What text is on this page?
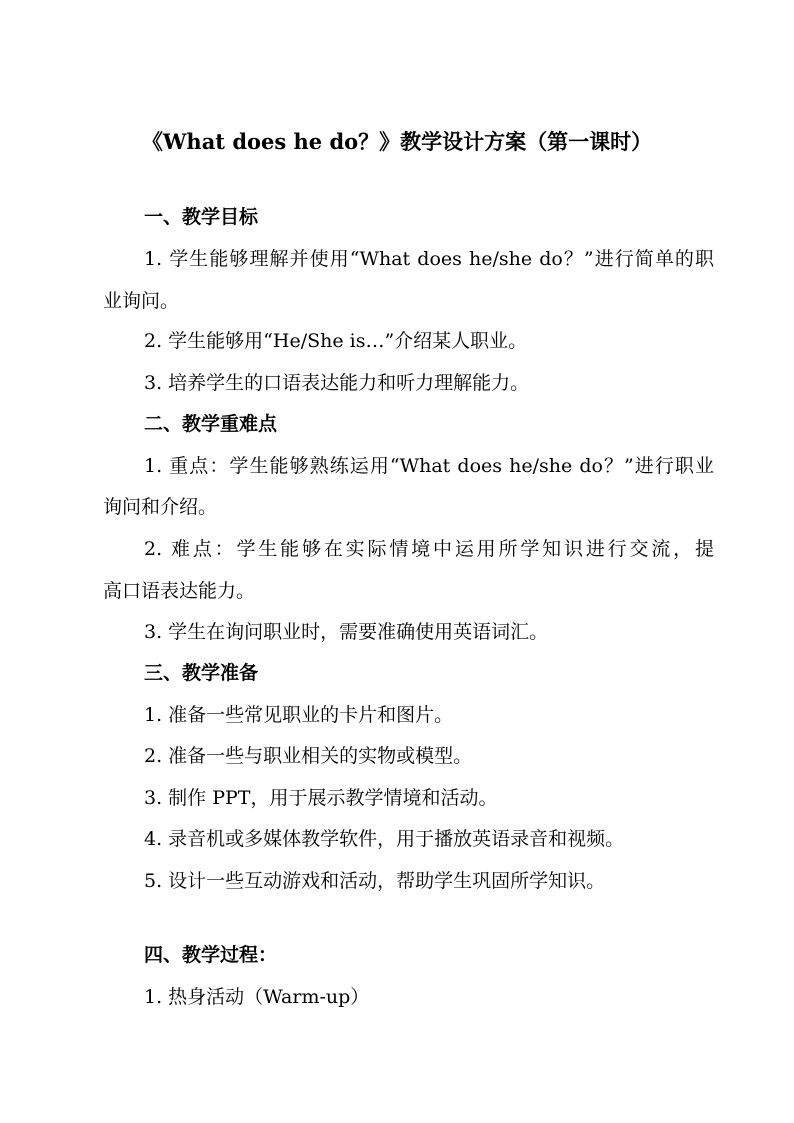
《What does he do？》教学设计方案（第一课时）
一、教学目标
1. 学生能够理解并使用“What does he/she do？”进行简单的职
业询问。
2. 学生能够用“He/She is…”介绍某人职业。
3. 培养学生的口语表达能力和听力理解能力。
二、教学重难点
1. 重点：学生能够熟练运用“What does he/she do？”进行职业
询问和介绍。
2. 难点：学生能够在实际情境中运用所学知识进行交流，提
高口语表达能力。
3. 学生在询问职业时，需要准确使用英语词汇。
三、教学准备
1. 准备一些常见职业的卡片和图片。
2. 准备一些与职业相关的实物或模型。
3. 制作 PPT，用于展示教学情境和活动。
4. 录音机或多媒体教学软件，用于播放英语录音和视频。
5. 设计一些互动游戏和活动，帮助学生巩固所学知识。
四、教学过程：
1. 热身活动（Warm-up）
